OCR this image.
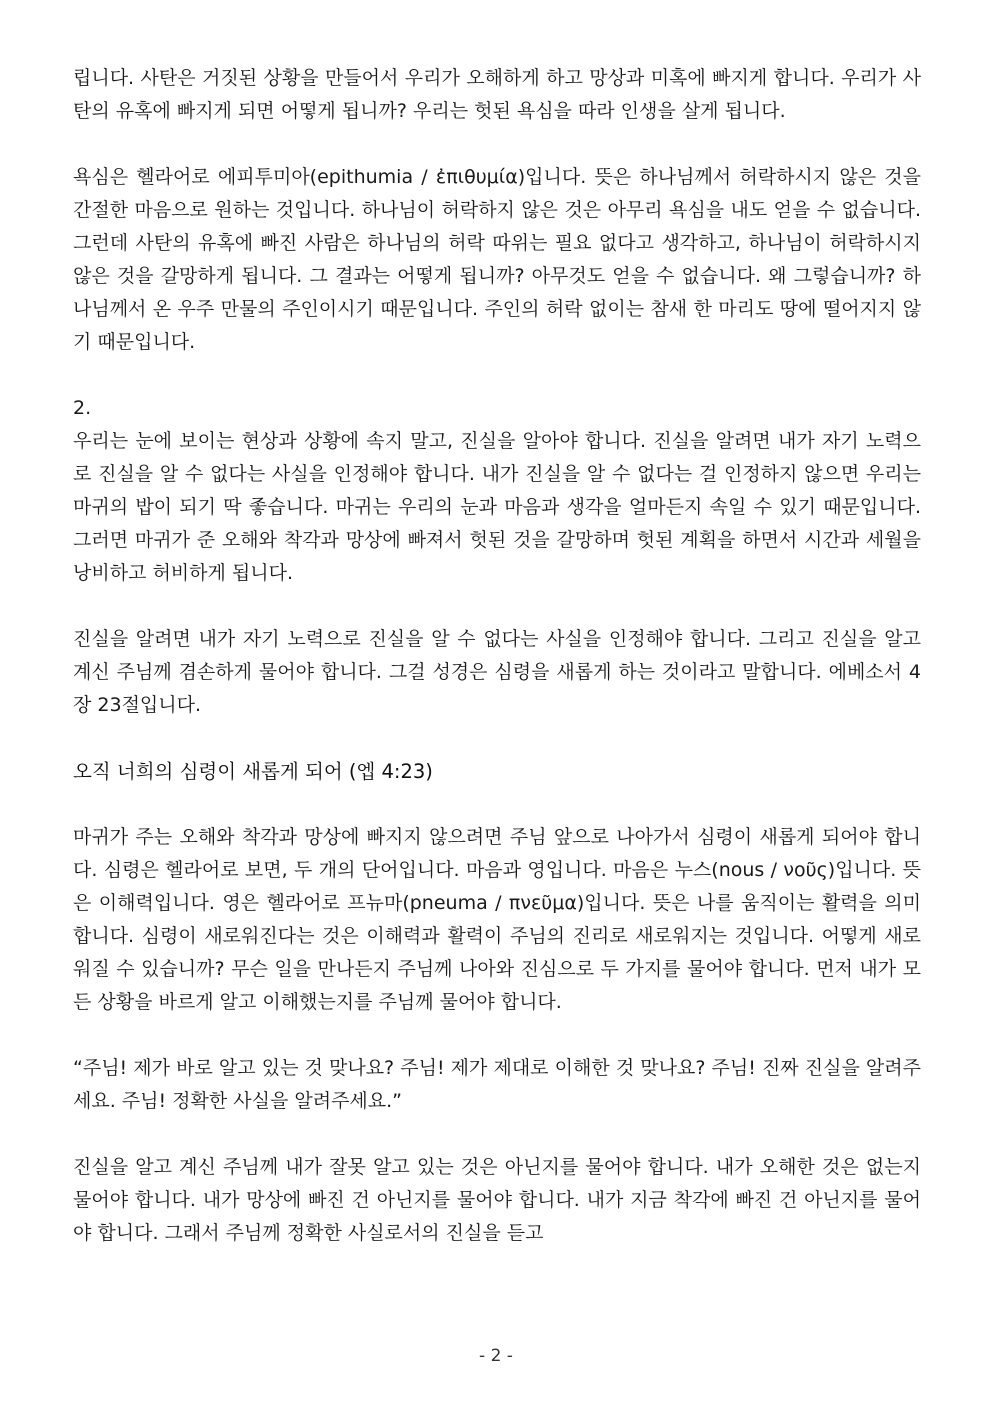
립니다. 사탄은 거짓된 상황을 만들어서 우리가 오해하게 하고 망상과 미혹에 빠지게 합니다. 우리가 사탄의 유혹에 빠지게 되면 어떻게 됩니까? 우리는 헛된 욕심을 따라 인생을 살게 됩니다.

욕심은 헬라어로 에피투미아(epithumia / ἐπιθυμία)입니다. 뜻은 하나님께서 허락하시지 않은 것을 간절한 마음으로 원하는 것입니다. 하나님이 허락하지 않은 것은 아무리 욕심을 내도 얻을 수 없습니다. 그런데 사탄의 유혹에 빠진 사람은 하나님의 허락 따위는 필요 없다고 생각하고, 하나님이 허락하시지 않은 것을 갈망하게 됩니다. 그 결과는 어떻게 됩니까? 아무것도 얻을 수 없습니다. 왜 그렇습니까? 하나님께서 온 우주 만물의 주인이시기 때문입니다. 주인의 허락 없이는 참새 한 마리도 땅에 떨어지지 않기 때문입니다.

2.

우리는 눈에 보이는 현상과 상황에 속지 말고, 진실을 알아야 합니다. 진실을 알려면 내가 자기 노력으로 진실을 알 수 없다는 사실을 인정해야 합니다. 내가 진실을 알 수 없다는 걸 인정하지 않으면 우리는 마귀의 밥이 되기 딱 좋습니다. 마귀는 우리의 눈과 마음과 생각을 얼마든지 속일 수 있기 때문입니다. 그러면 마귀가 준 오해와 착각과 망상에 빠져서 헛된 것을 갈망하며 헛된 계획을 하면서 시간과 세월을 낭비하고 허비하게 됩니다.

진실을 알려면 내가 자기 노력으로 진실을 알 수 없다는 사실을 인정해야 합니다. 그리고 진실을 알고 계신 주님께 겸손하게 물어야 합니다. 그걸 성경은 심령을 새롭게 하는 것이라고 말합니다. 에베소서 4장 23절입니다.

오직 너희의 심령이 새롭게 되어 (엡 4:23)

마귀가 주는 오해와 착각과 망상에 빠지지 않으려면 주님 앞으로 나아가서 심령이 새롭게 되어야 합니다. 심령은 헬라어로 보면, 두 개의 단어입니다. 마음과 영입니다. 마음은 누스(nous / νοῦς)입니다. 뜻은 이해력입니다. 영은 헬라어로 프뉴마(pneuma / πνεῦμα)입니다. 뜻은 나를 움직이는 활력을 의미합니다. 심령이 새로워진다는 것은 이해력과 활력이 주님의 진리로 새로워지는 것입니다. 어떻게 새로워질 수 있습니까? 무슨 일을 만나든지 주님께 나아와 진심으로 두 가지를 물어야 합니다. 먼저 내가 모든 상황을 바르게 알고 이해했는지를 주님께 물어야 합니다.

“주님! 제가 바로 알고 있는 것 맞나요? 주님! 제가 제대로 이해한 것 맞나요? 주님! 진짜 진실을 알려주세요. 주님! 정확한 사실을 알려주세요.”

진실을 알고 계신 주님께 내가 잘못 알고 있는 것은 아닌지를 물어야 합니다. 내가 오해한 것은 없는지 물어야 합니다. 내가 망상에 빠진 건 아닌지를 물어야 합니다. 내가 지금 착각에 빠진 건 아닌지를 물어야 합니다. 그래서 주님께 정확한 사실로서의 진실을 듣고

- 2 -
